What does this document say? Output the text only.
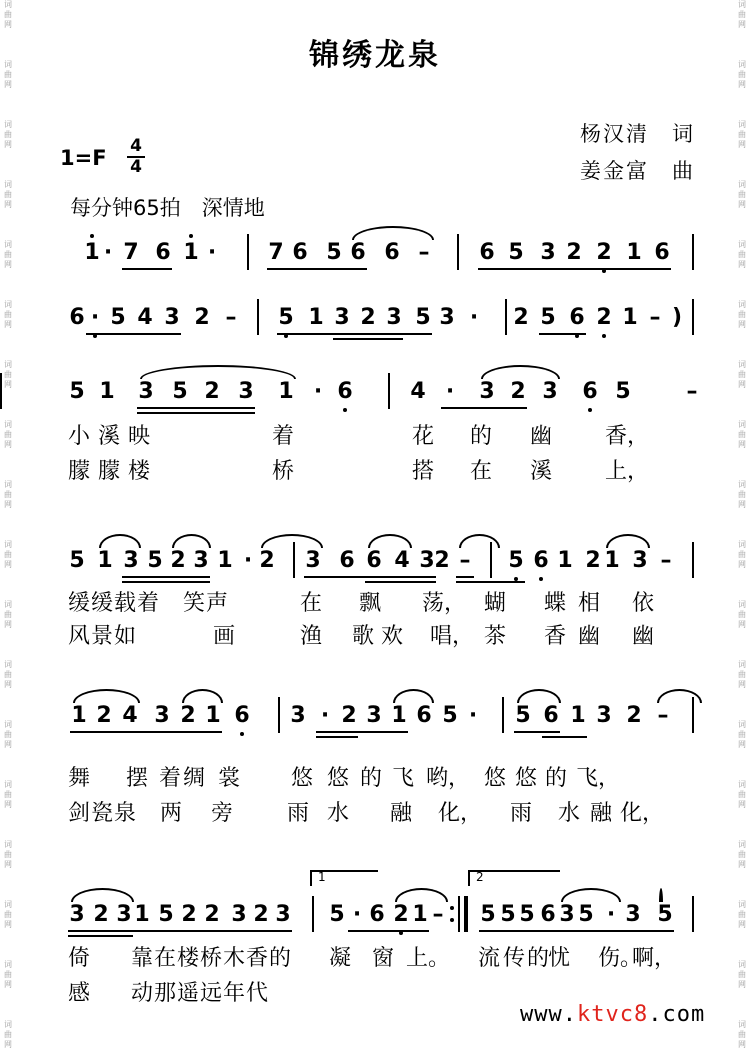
词
曲
网
词
曲
网
词
曲
网
词
曲
网
词
曲
网
词
曲
网
词
曲
网
词
曲
网
词
曲
网
词
曲
网
词
曲
网
词
曲
网
词
曲
网
词
曲
网
词
曲
网
词
曲
网
词
曲
网
词
曲
网
词
曲
网
词
曲
网
词
曲
网
词
曲
网
词
曲
网
词
曲
网
词
曲
网
词
曲
网
词
曲
网
词
曲
网
词
曲
网
词
曲
网
词
曲
网
词
曲
网
词
曲
网
词
曲
网
词
曲
网
词
曲
网
锦绣龙泉
杨汉清　词
姜金富　曲
1=F	4
4
每分钟65拍　深情地
1 · 7 6 1 · 7 6 5 6 6 – 6 5 3 2 2 1 6
6 · 5 4 3 2 – 5 1 3 2 3 5 3 · 2 5 6 2 1 – )
5 1 3 5 2 3 1 · 6	4 · 3 2 3 6 5	–
5 1 3 5 2 3 1 · 2 3 6 6 4 3 2 – 5 6 1 2 1 3 –
1 2 4 3 2 1 6 3 · 2 3 1 6 5 · 5 6 1 3 2 –
3 2 3 1 5 2 2 3 2 3 5 · 6 2 1 – 5 5 5 6 3 5 · 3 5
1	2
小 溪 映	着	花 的 幽 香，
朦 朦 楼	桥	搭 在 溪 上，
缓 缓 载 着 笑 声	在 飘 荡， 蝴 蝶 相 依
风 景 如	画	渔 歌 欢 唱， 茶 香 幽 幽
舞 摆 着 绸 裳 悠 悠 的 飞 哟， 悠 悠 的 飞，
剑 瓷 泉 两 旁 雨 水 融 化， 雨 水 融 化，
倚 靠 在 楼 桥 木 香 的 凝 窗 上。 流 传 的
忧 伤。
啊，
感 动 那 遥 远 年 代
www.ktvc8.com
